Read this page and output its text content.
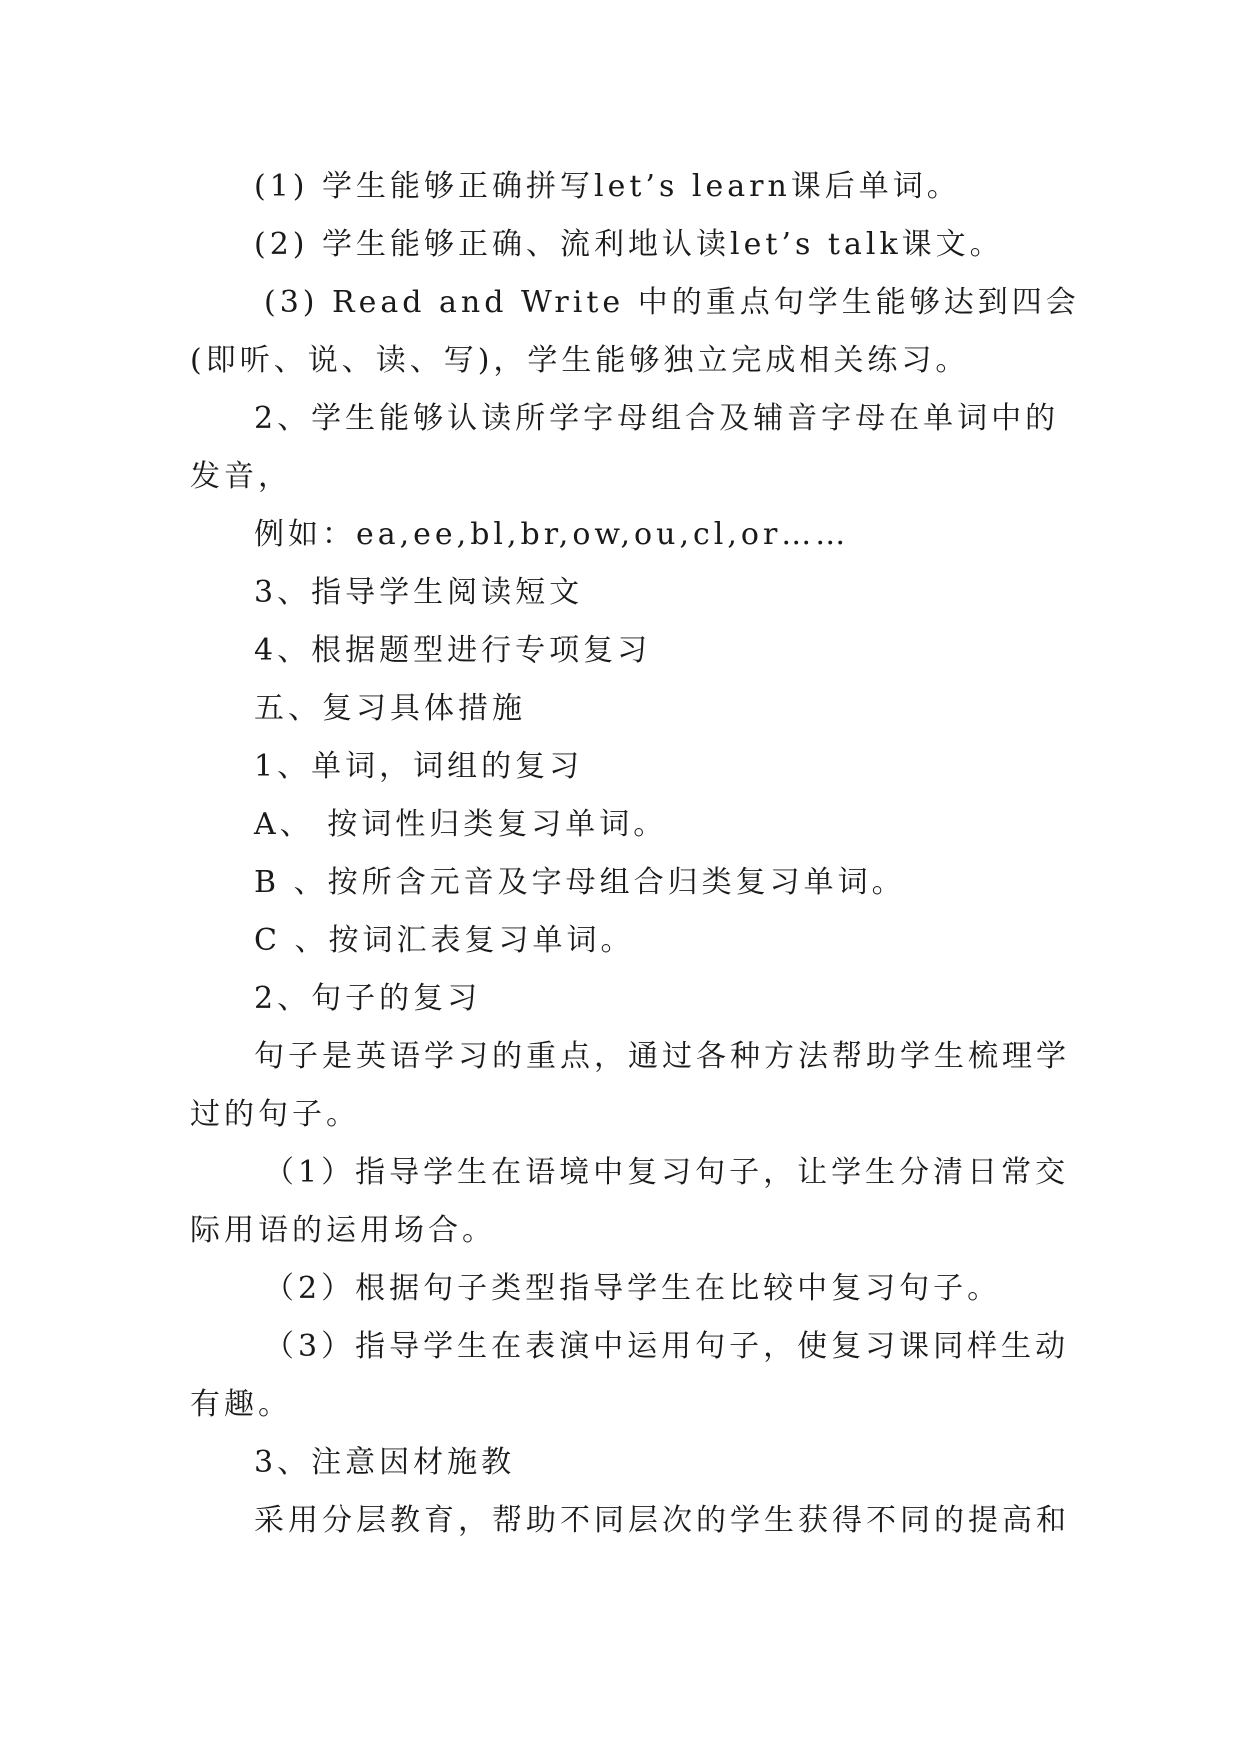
(1) 学生能够正确拼写let’s learn课后单词。

(2) 学生能够正确、流利地认读let’s talk课文。

(3) Read and Write 中的重点句学生能够达到四会

(即听、说、读、写)，学生能够独立完成相关练习。

2、学生能够认读所学字母组合及辅音字母在单词中的

发音，

例如：ea,ee,bl,br,ow,ou,cl,or……

3、指导学生阅读短文

4、根据题型进行专项复习

五、复习具体措施

1、单词，词组的复习

A、 按词性归类复习单词。

B 、按所含元音及字母组合归类复习单词。

C 、按词汇表复习单词。

2、句子的复习

句子是英语学习的重点，通过各种方法帮助学生梳理学

过的句子。

（1）指导学生在语境中复习句子，让学生分清日常交

际用语的运用场合。

（2）根据句子类型指导学生在比较中复习句子。

（3）指导学生在表演中运用句子，使复习课同样生动

有趣。

3、注意因材施教

采用分层教育，帮助不同层次的学生获得不同的提高和
